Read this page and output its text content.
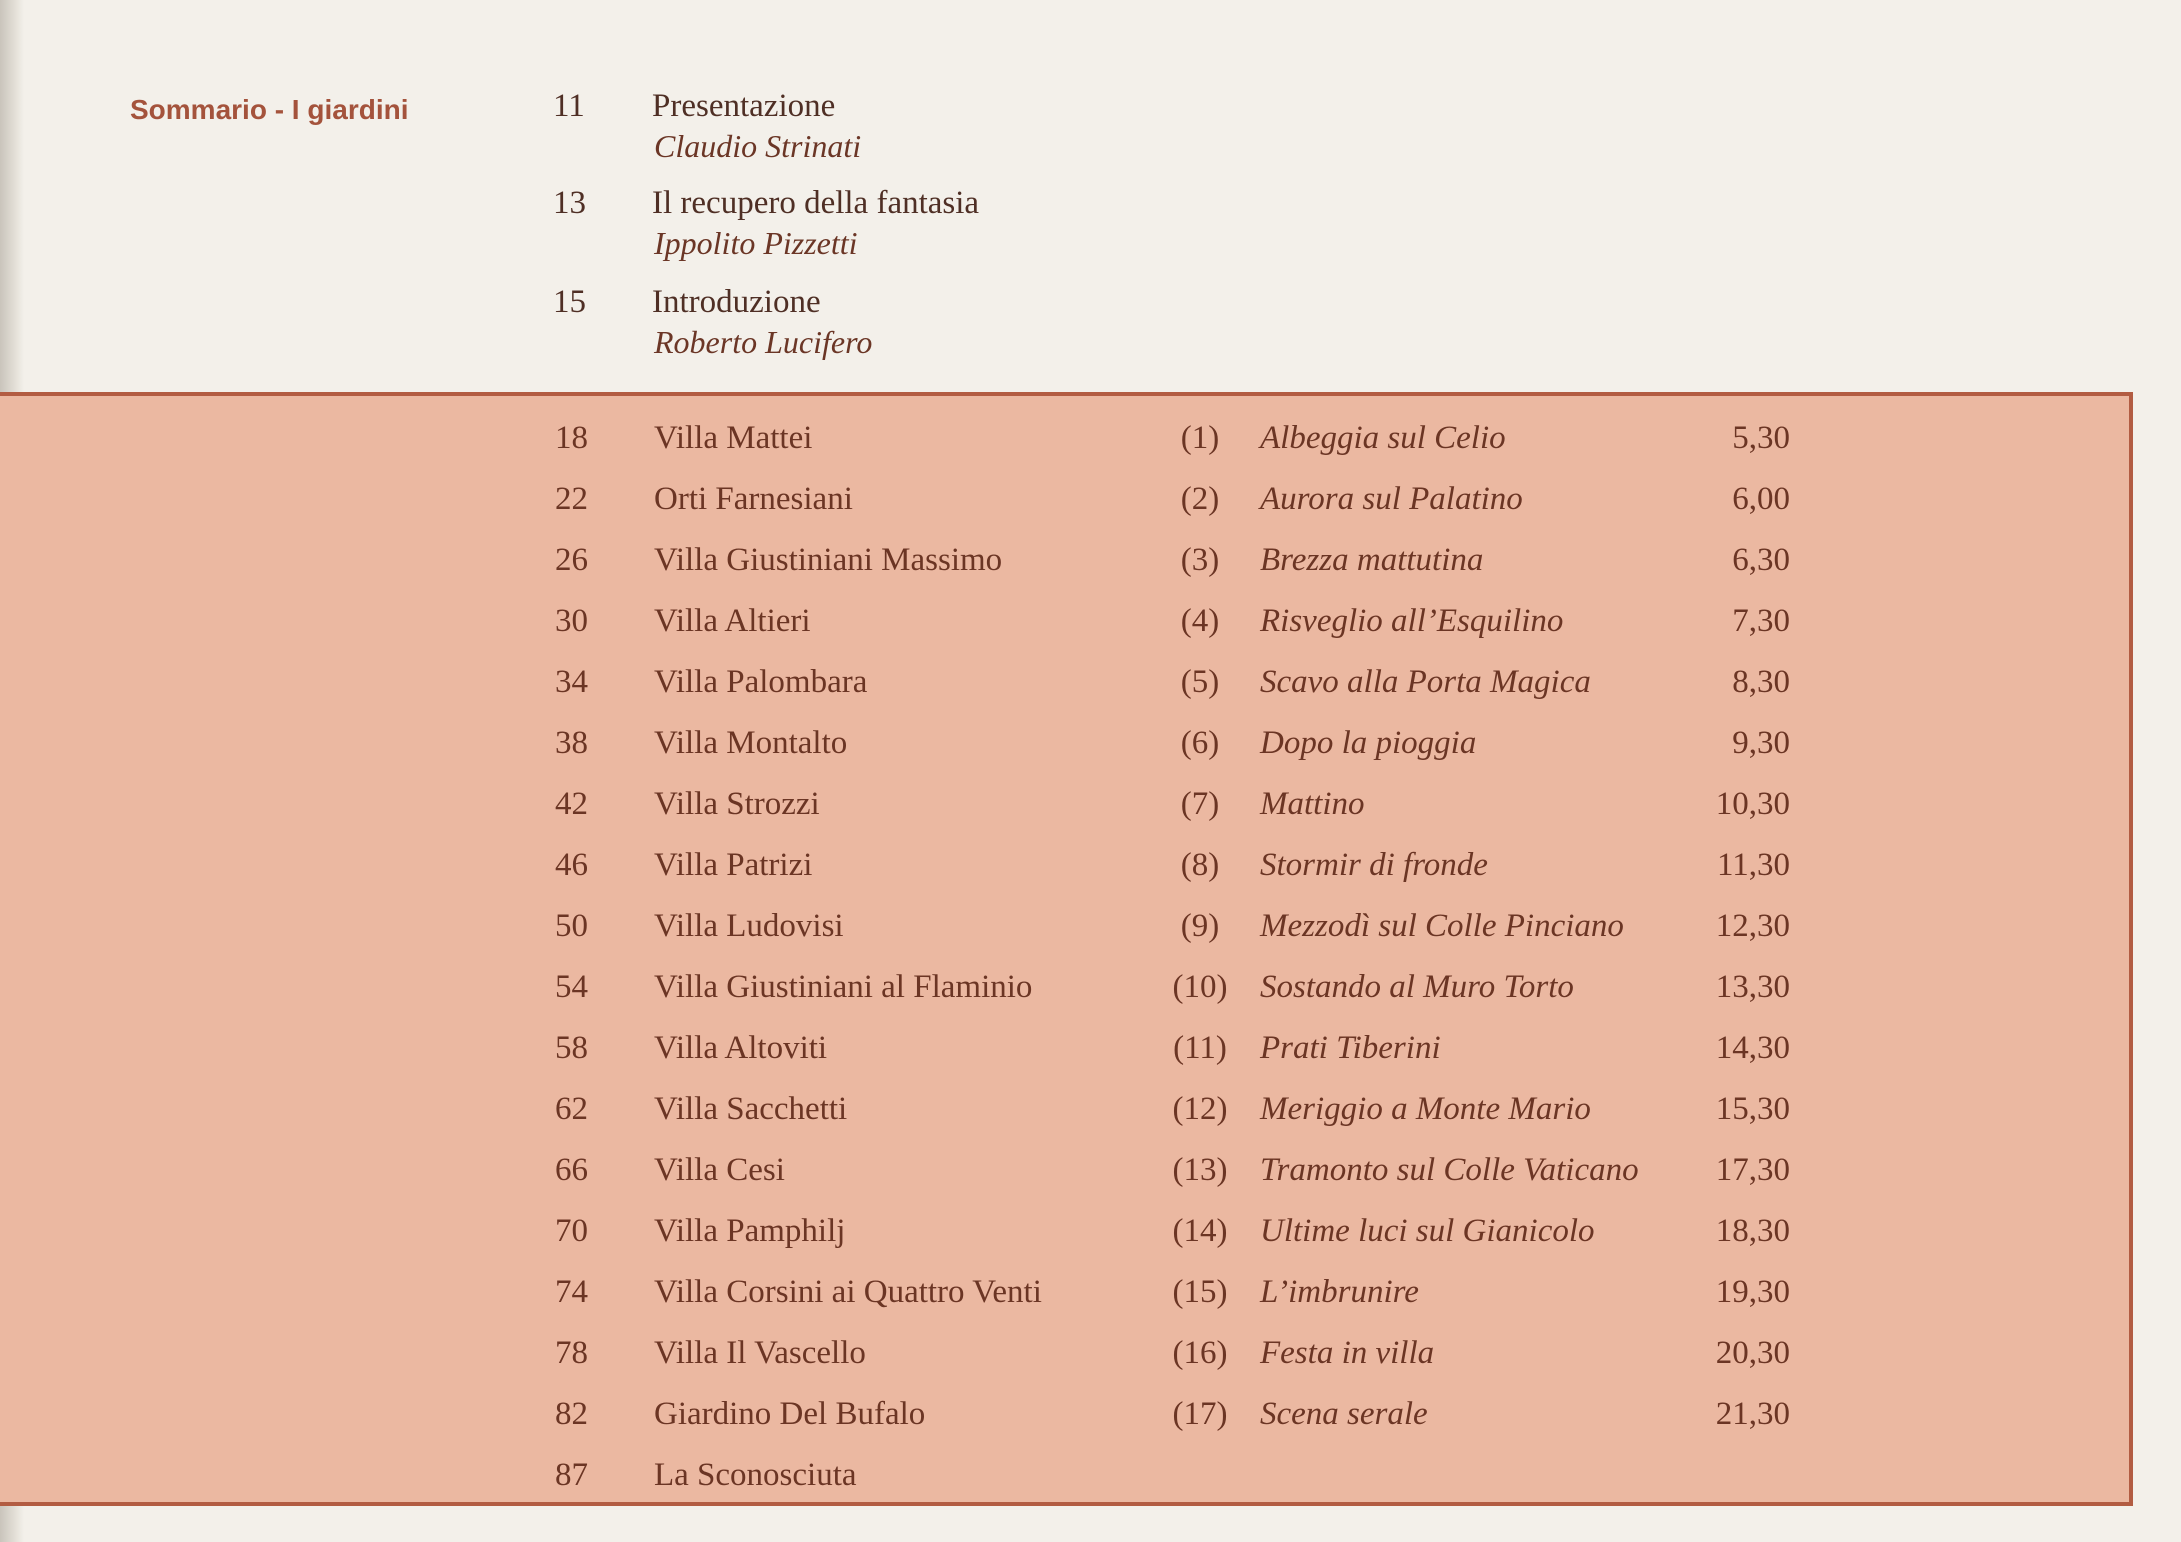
Sommario - I giardini	11 Presentazione
Claudio Strinati
13 Il recupero della fantasia
Ippolito Pizzetti
15 Introduzione
Roberto Lucifero
18 Villa Mattei	(1)	Albeggia sul Celio	5,30
22 Orti Farnesiani	(2)	Aurora sul Palatino	6,00
26 Villa Giustiniani Massimo	(3)	Brezza mattutina	6,30
30 Villa Altieri	(4)	Risveglio all’Esquilino	7,30
34 Villa Palombara	(5)	Scavo alla Porta Magica	8,30
38 Villa Montalto	(6)	Dopo la pioggia	9,30
42 Villa Strozzi	(7)	Mattino	10,30
46 Villa Patrizi	(8)	Stormir di fronde	11,30
50 Villa Ludovisi	(9)	Mezzodì sul Colle Pinciano	12,30
54 Villa Giustiniani al Flaminio	(10) Sostando al Muro Torto	13,30
58 Villa Altoviti	(11) Prati Tiberini	14,30
62 Villa Sacchetti	(12) Meriggio a Monte Mario	15,30
66 Villa Cesi	(13) Tramonto sul Colle Vaticano	17,30
70 Villa Pamphilj	(14) Ultime luci sul Gianicolo	18,30
74 Villa Corsini ai Quattro Venti	(15) L’imbrunire	19,30
78 Villa Il Vascello	(16) Festa in villa	20,30
82 Giardino Del Bufalo	(17) Scena serale	21,30
87 La Sconosciuta
